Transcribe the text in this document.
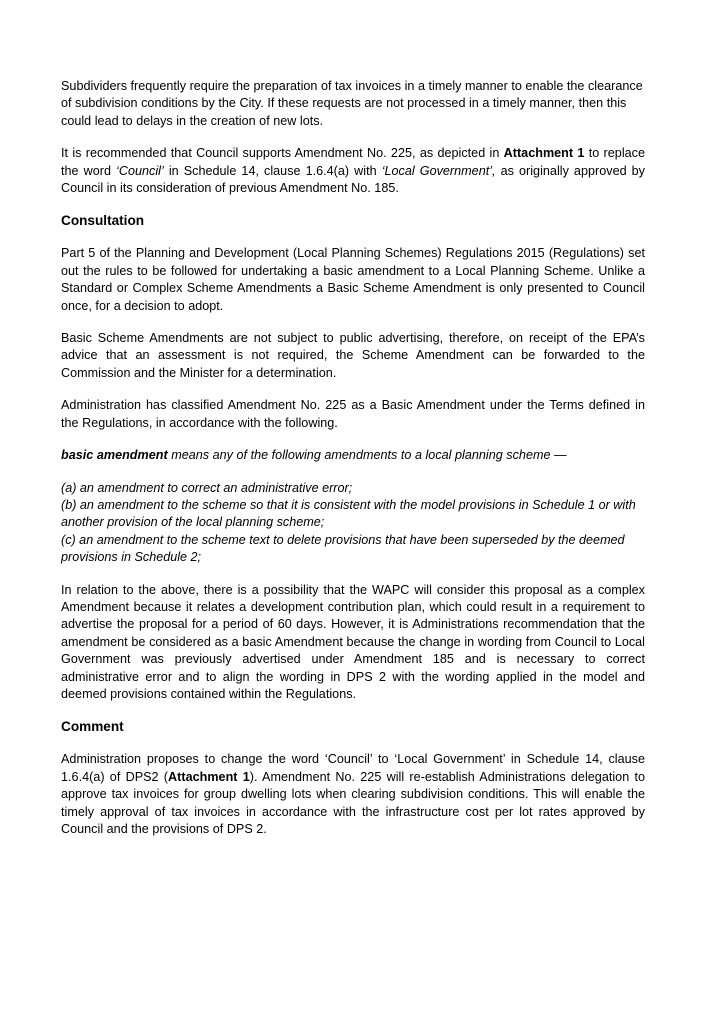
Subdividers frequently require the preparation of tax invoices in a timely manner to enable the clearance of subdivision conditions by the City. If these requests are not processed in a timely manner, then this could lead to delays in the creation of new lots.

It is recommended that Council supports Amendment No. 225, as depicted in Attachment 1 to replace the word ‘Council’ in Schedule 14, clause 1.6.4(a) with ‘Local Government’, as originally approved by Council in its consideration of previous Amendment No. 185.

Consultation

Part 5 of the Planning and Development (Local Planning Schemes) Regulations 2015 (Regulations) set out the rules to be followed for undertaking a basic amendment to a Local Planning Scheme. Unlike a Standard or Complex Scheme Amendments a Basic Scheme Amendment is only presented to Council once, for a decision to adopt.

Basic Scheme Amendments are not subject to public advertising, therefore, on receipt of the EPA’s advice that an assessment is not required, the Scheme Amendment can be forwarded to the Commission and the Minister for a determination.

Administration has classified Amendment No. 225 as a Basic Amendment under the Terms defined in the Regulations, in accordance with the following.

basic amendment means any of the following amendments to a local planning scheme —

(a) an amendment to correct an administrative error;
(b) an amendment to the scheme so that it is consistent with the model provisions in Schedule 1 or with another provision of the local planning scheme;
(c) an amendment to the scheme text to delete provisions that have been superseded by the deemed provisions in Schedule 2;

In relation to the above, there is a possibility that the WAPC will consider this proposal as a complex Amendment because it relates a development contribution plan, which could result in a requirement to advertise the proposal for a period of 60 days. However, it is Administrations recommendation that the amendment be considered as a basic Amendment because the change in wording from Council to Local Government was previously advertised under Amendment 185 and is necessary to correct administrative error and to align the wording in DPS 2 with the wording applied in the model and deemed provisions contained within the Regulations.

Comment

Administration proposes to change the word ‘Council’ to ‘Local Government’ in Schedule 14, clause 1.6.4(a) of DPS2 (Attachment 1). Amendment No. 225 will re-establish Administrations delegation to approve tax invoices for group dwelling lots when clearing subdivision conditions. This will enable the timely approval of tax invoices in accordance with the infrastructure cost per lot rates approved by Council and the provisions of DPS 2.
